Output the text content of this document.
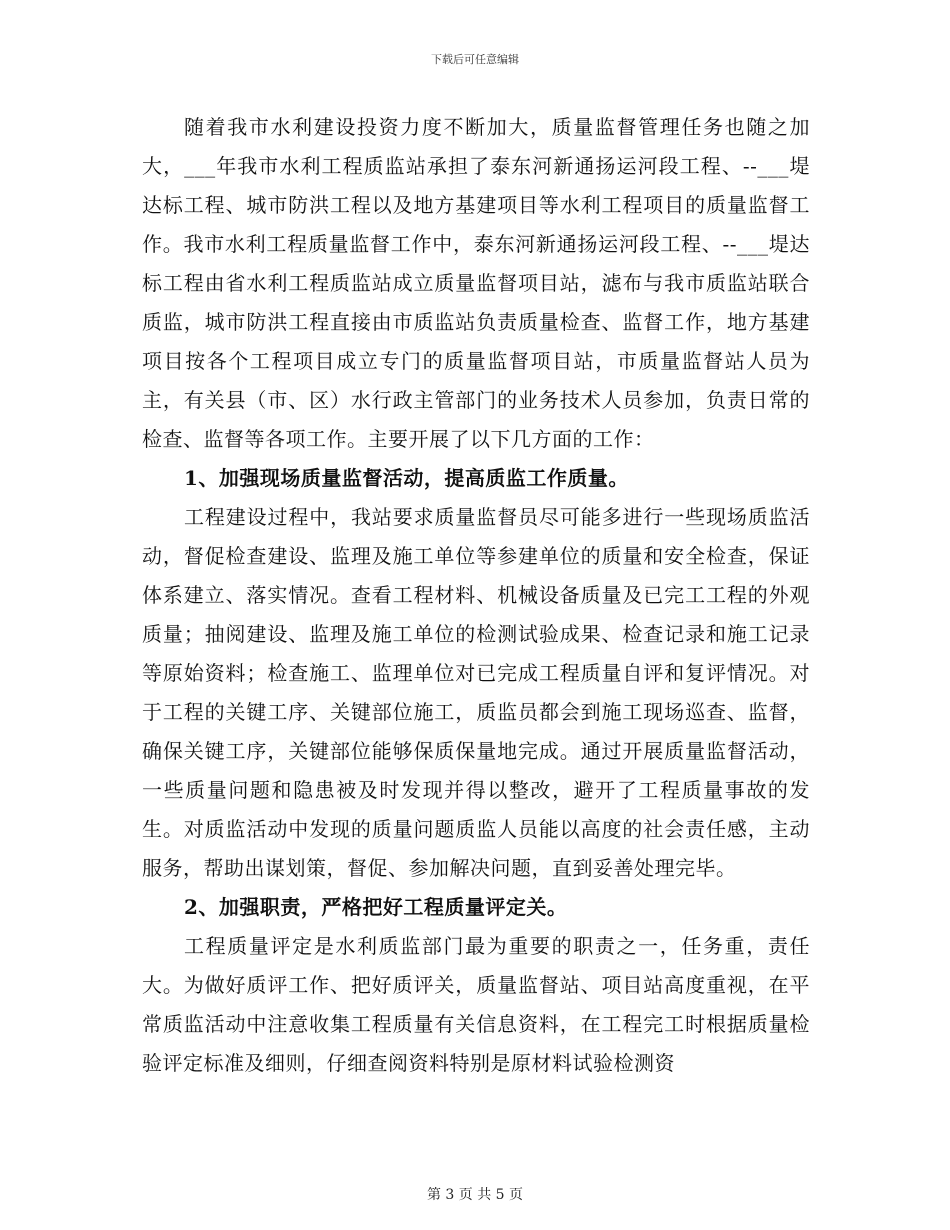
下载后可任意编辑

随着我市水利建设投资力度不断加大，质量监督管理任务也随之加大，___年我市水利工程质监站承担了泰东河新通扬运河段工程、--___堤达标工程、城市防洪工程以及地方基建项目等水利工程项目的质量监督工作。我市水利工程质量监督工作中，泰东河新通扬运河段工程、--___堤达标工程由省水利工程质监站成立质量监督项目站，滤布与我市质监站联合质监，城市防洪工程直接由市质监站负责质量检查、监督工作，地方基建项目按各个工程项目成立专门的质量监督项目站，市质量监督站人员为主，有关县（市、区）水行政主管部门的业务技术人员参加，负责日常的检查、监督等各项工作。主要开展了以下几方面的工作：

1、加强现场质量监督活动，提高质监工作质量。

工程建设过程中，我站要求质量监督员尽可能多进行一些现场质监活动，督促检查建设、监理及施工单位等参建单位的质量和安全检查，保证体系建立、落实情况。查看工程材料、机械设备质量及已完工工程的外观质量；抽阅建设、监理及施工单位的检测试验成果、检查记录和施工记录等原始资料；检查施工、监理单位对已完成工程质量自评和复评情况。对于工程的关键工序、关键部位施工，质监员都会到施工现场巡查、监督，确保关键工序，关键部位能够保质保量地完成。通过开展质量监督活动，一些质量问题和隐患被及时发现并得以整改，避开了工程质量事故的发生。对质监活动中发现的质量问题质监人员能以高度的社会责任感，主动服务，帮助出谋划策，督促、参加解决问题，直到妥善处理完毕。

2、加强职责，严格把好工程质量评定关。

工程质量评定是水利质监部门最为重要的职责之一，任务重，责任大。为做好质评工作、把好质评关，质量监督站、项目站高度重视，在平常质监活动中注意收集工程质量有关信息资料，在工程完工时根据质量检验评定标准及细则，仔细查阅资料特别是原材料试验检测资

第 3 页 共 5 页
